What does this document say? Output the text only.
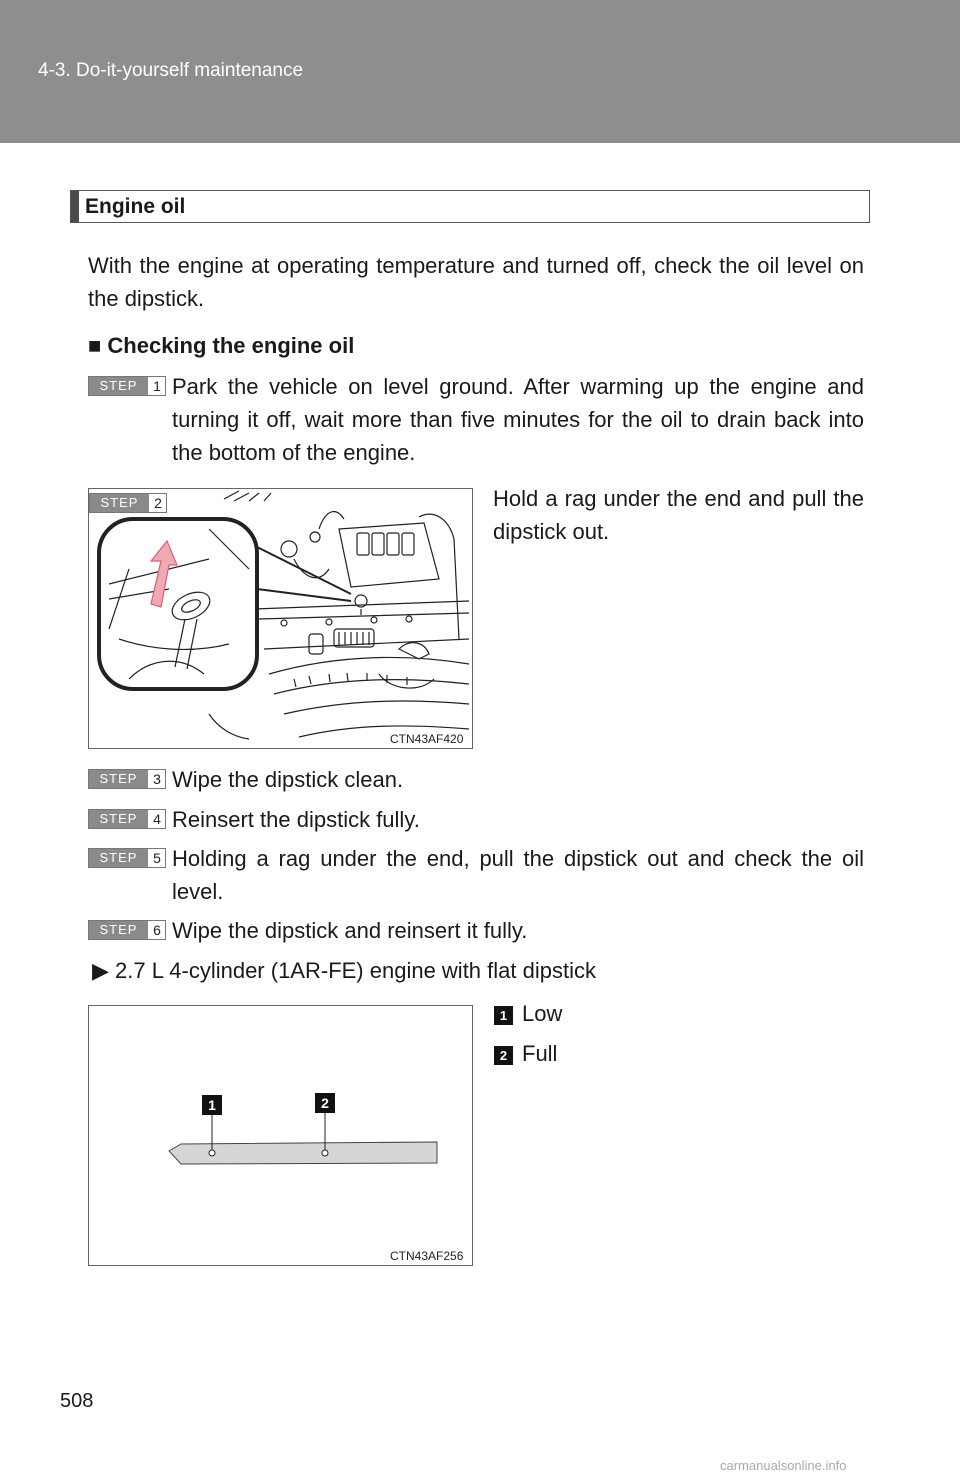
4-3. Do-it-yourself maintenance
Engine oil
With the engine at operating temperature and turned off, check the oil level on the dipstick.
■ Checking the engine oil
STEP	1 Park the vehicle on level ground. After warming up the engine and turning it off, wait more than five minutes for the oil to drain back into the bottom of the engine.
STEP	2
CTN43AF420
Hold a rag under the end and pull the dipstick out.
STEP	3 Wipe the dipstick clean.
STEP	4 Reinsert the dipstick fully.
STEP	5 Holding a rag under the end, pull the dipstick out and check the oil level.
STEP	6 Wipe the dipstick and reinsert it fully.
▶ 2.7 L 4-cylinder (1AR-FE) engine with flat dipstick
1	2
CTN43AF256
1 Low
2 Full
508
carmanualsonline.info
